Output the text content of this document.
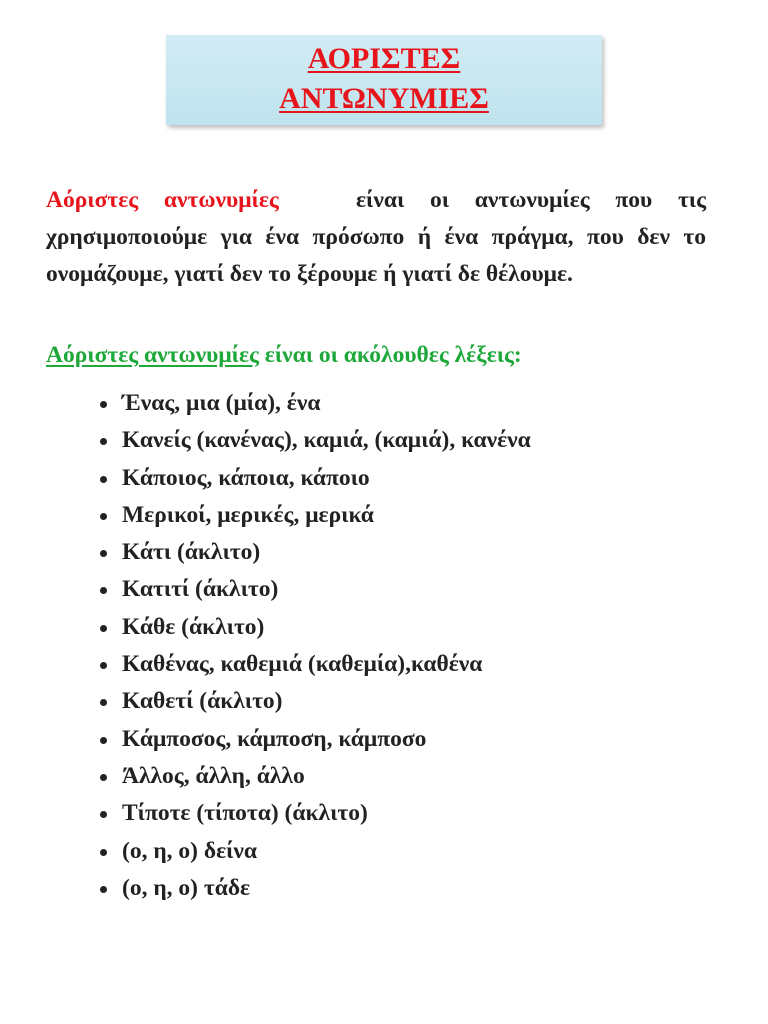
ΑΟΡΙΣΤΕΣ
ΑΝΤΩΝΥΜΙΕΣ
Αόριστες αντωνυμίες	είναι οι αντωνυμίες που τις χρησιμοποιούμε για ένα πρόσωπο ή ένα πράγμα, που δεν το ονομάζουμε, γιατί δεν το ξέρουμε ή γιατί δε θέλουμε.
Αόριστες αντωνυμίες είναι οι ακόλουθες λέξεις:
Ένας, μια (μία), ένα
Κανείς (κανένας), καμιά, (καμιά), κανένα
Κάποιος, κάποια, κάποιο
Μερικοί, μερικές, μερικά
Κάτι (άκλιτο)
Κατιτί (άκλιτο)
Κάθε (άκλιτο)
Καθένας, καθεμιά (καθεμία),καθένα
Καθετί (άκλιτο)
Κάμποσος, κάμποση, κάμποσο
Άλλος, άλλη, άλλο
Τίποτε (τίποτα) (άκλιτο)
(ο, η, ο) δείνα
(ο, η, ο) τάδε
